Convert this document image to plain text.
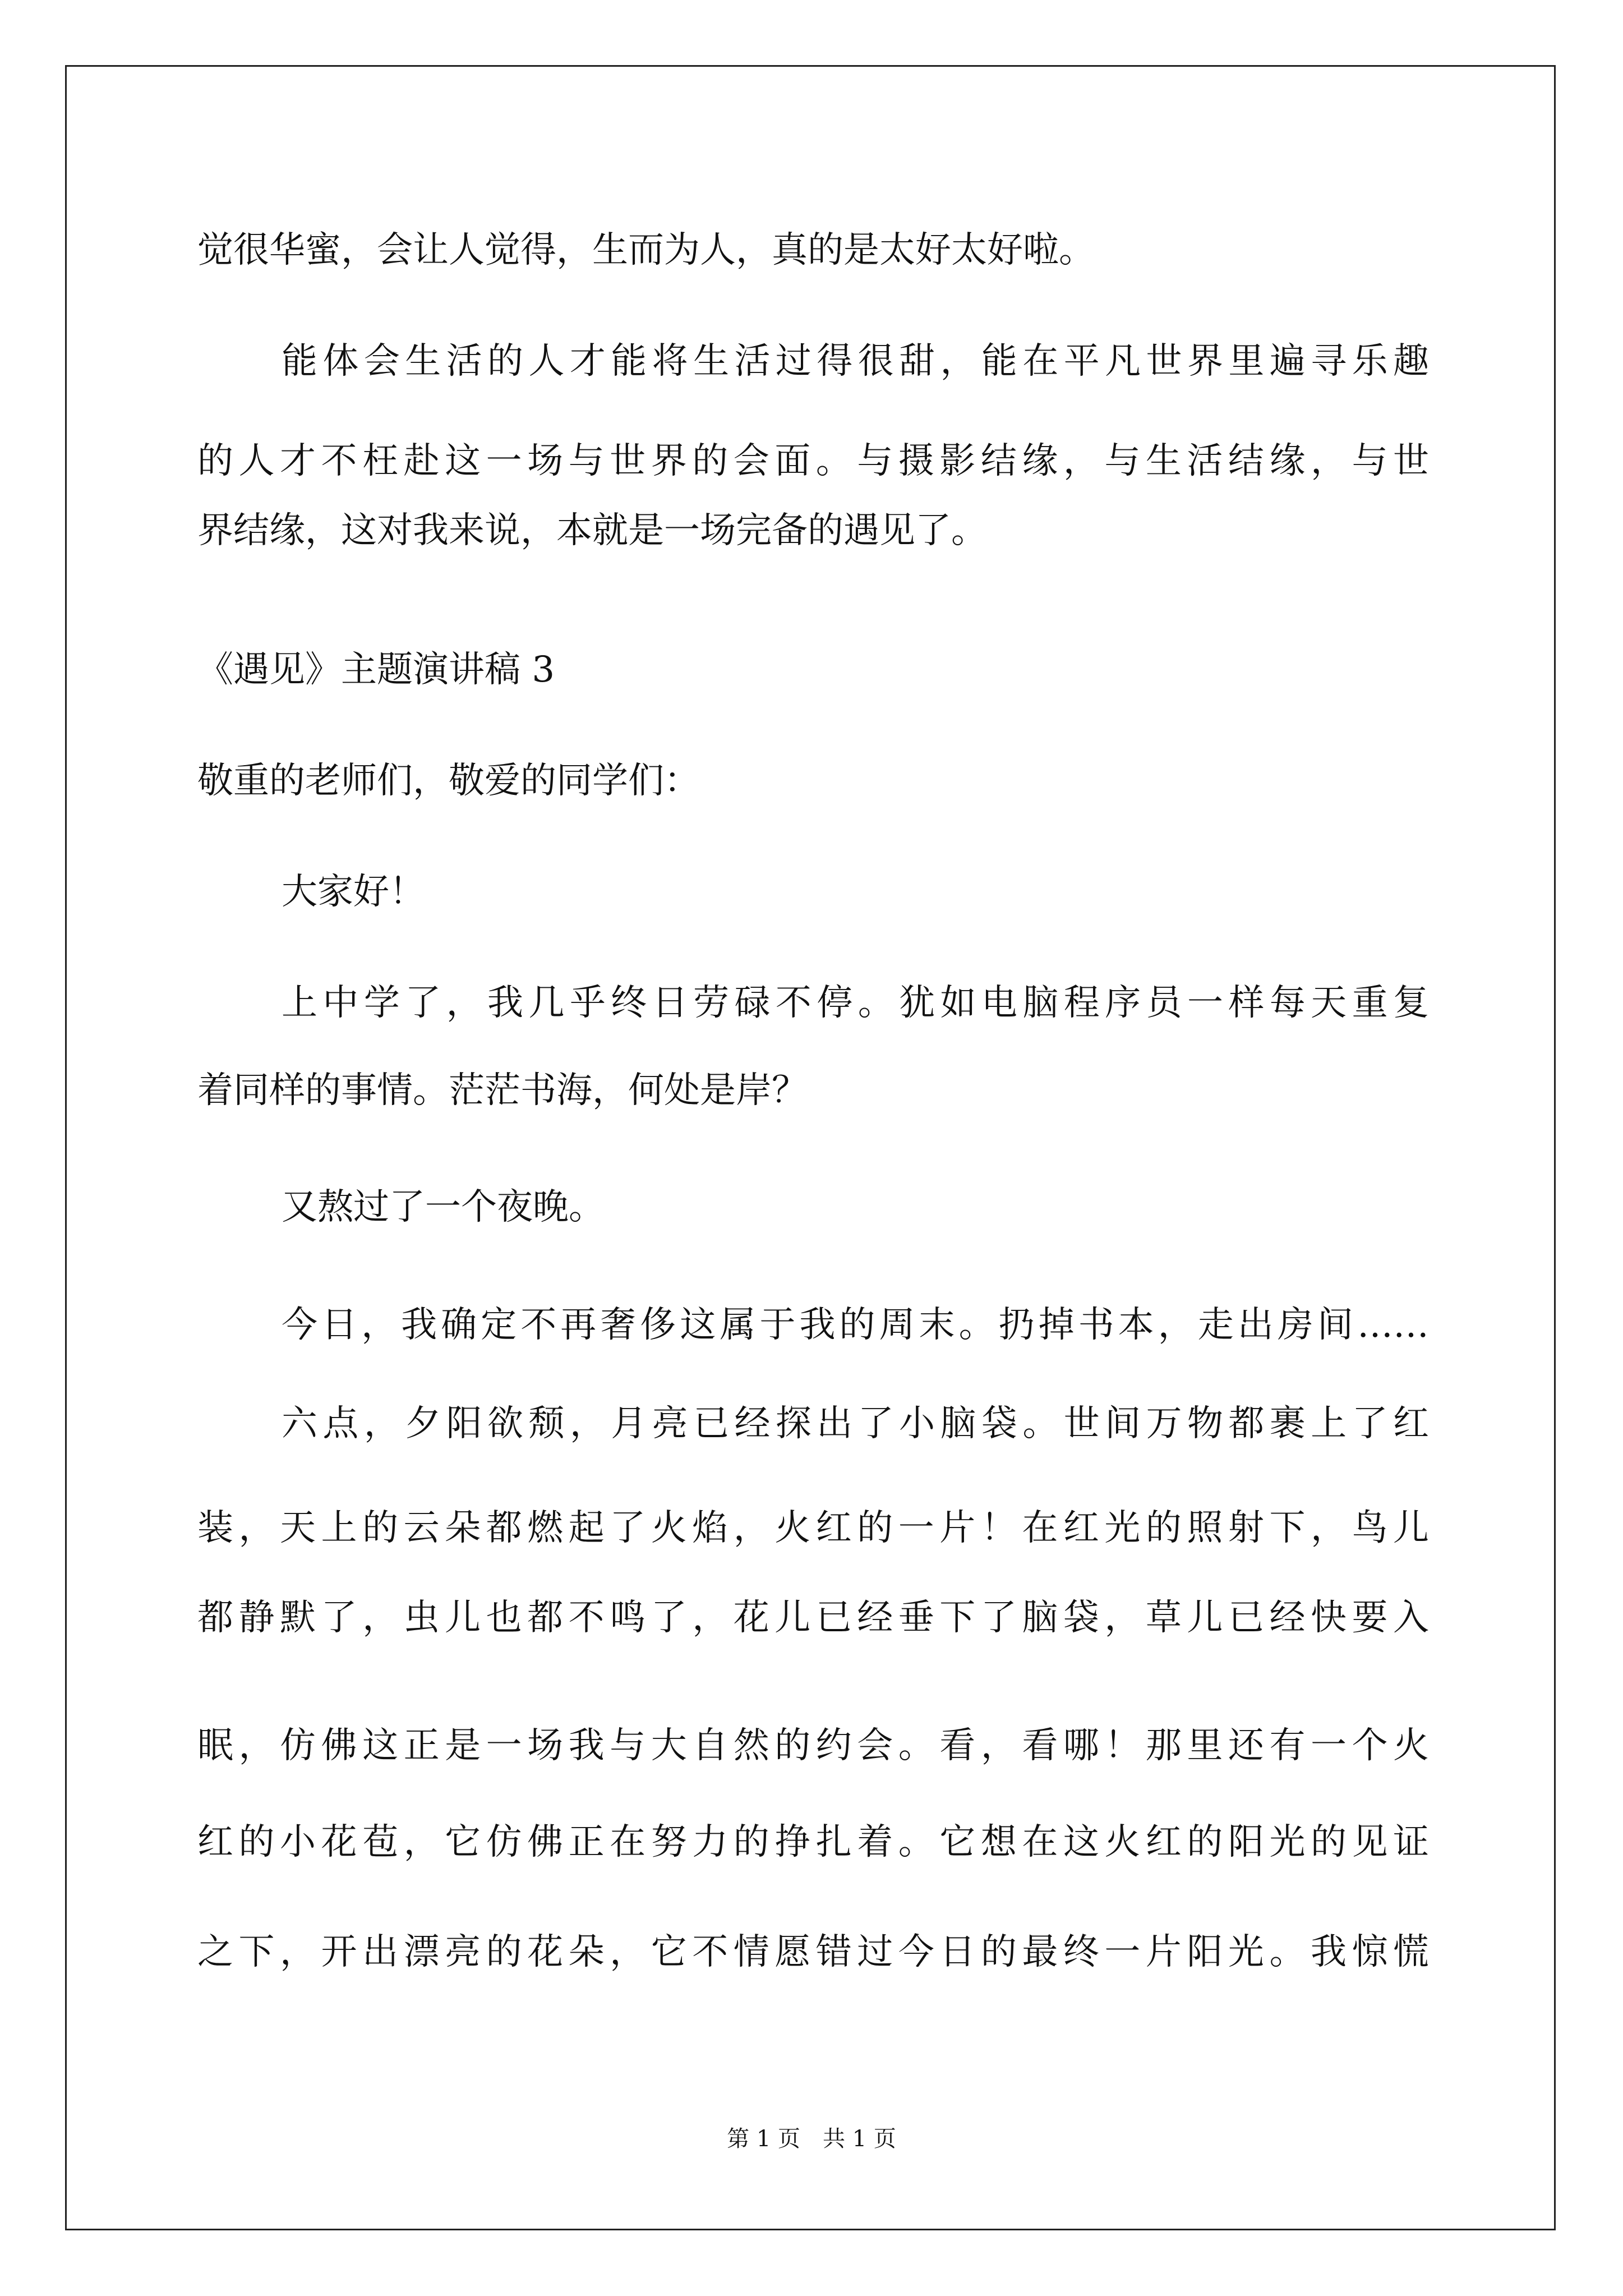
觉很华蜜，会让人觉得，生而为人，真的是太好太好啦。
能体会生活的人才能将生活过得很甜，能在平凡世界里遍寻乐趣
的人才不枉赴这一场与世界的会面。与摄影结缘，与生活结缘，与世
界结缘，这对我来说，本就是一场完备的遇见了。
《遇见》主题演讲稿 3
敬重的老师们，敬爱的同学们：
大家好！
上中学了，我几乎终日劳碌不停。犹如电脑程序员一样每天重复
着同样的事情。茫茫书海，何处是岸？
又熬过了一个夜晚。
今日，我确定不再奢侈这属于我的周末。扔掉书本，走出房间……
六点，夕阳欲颓，月亮已经探出了小脑袋。世间万物都裹上了红
装，天上的云朵都燃起了火焰，火红的一片！在红光的照射下，鸟儿
都静默了，虫儿也都不鸣了，花儿已经垂下了脑袋，草儿已经快要入
眠，仿佛这正是一场我与大自然的约会。看，看哪！那里还有一个火
红的小花苞，它仿佛正在努力的挣扎着。它想在这火红的阳光的见证
之下，开出漂亮的花朵，它不情愿错过今日的最终一片阳光。我惊慌
第 1 页　共 1 页
